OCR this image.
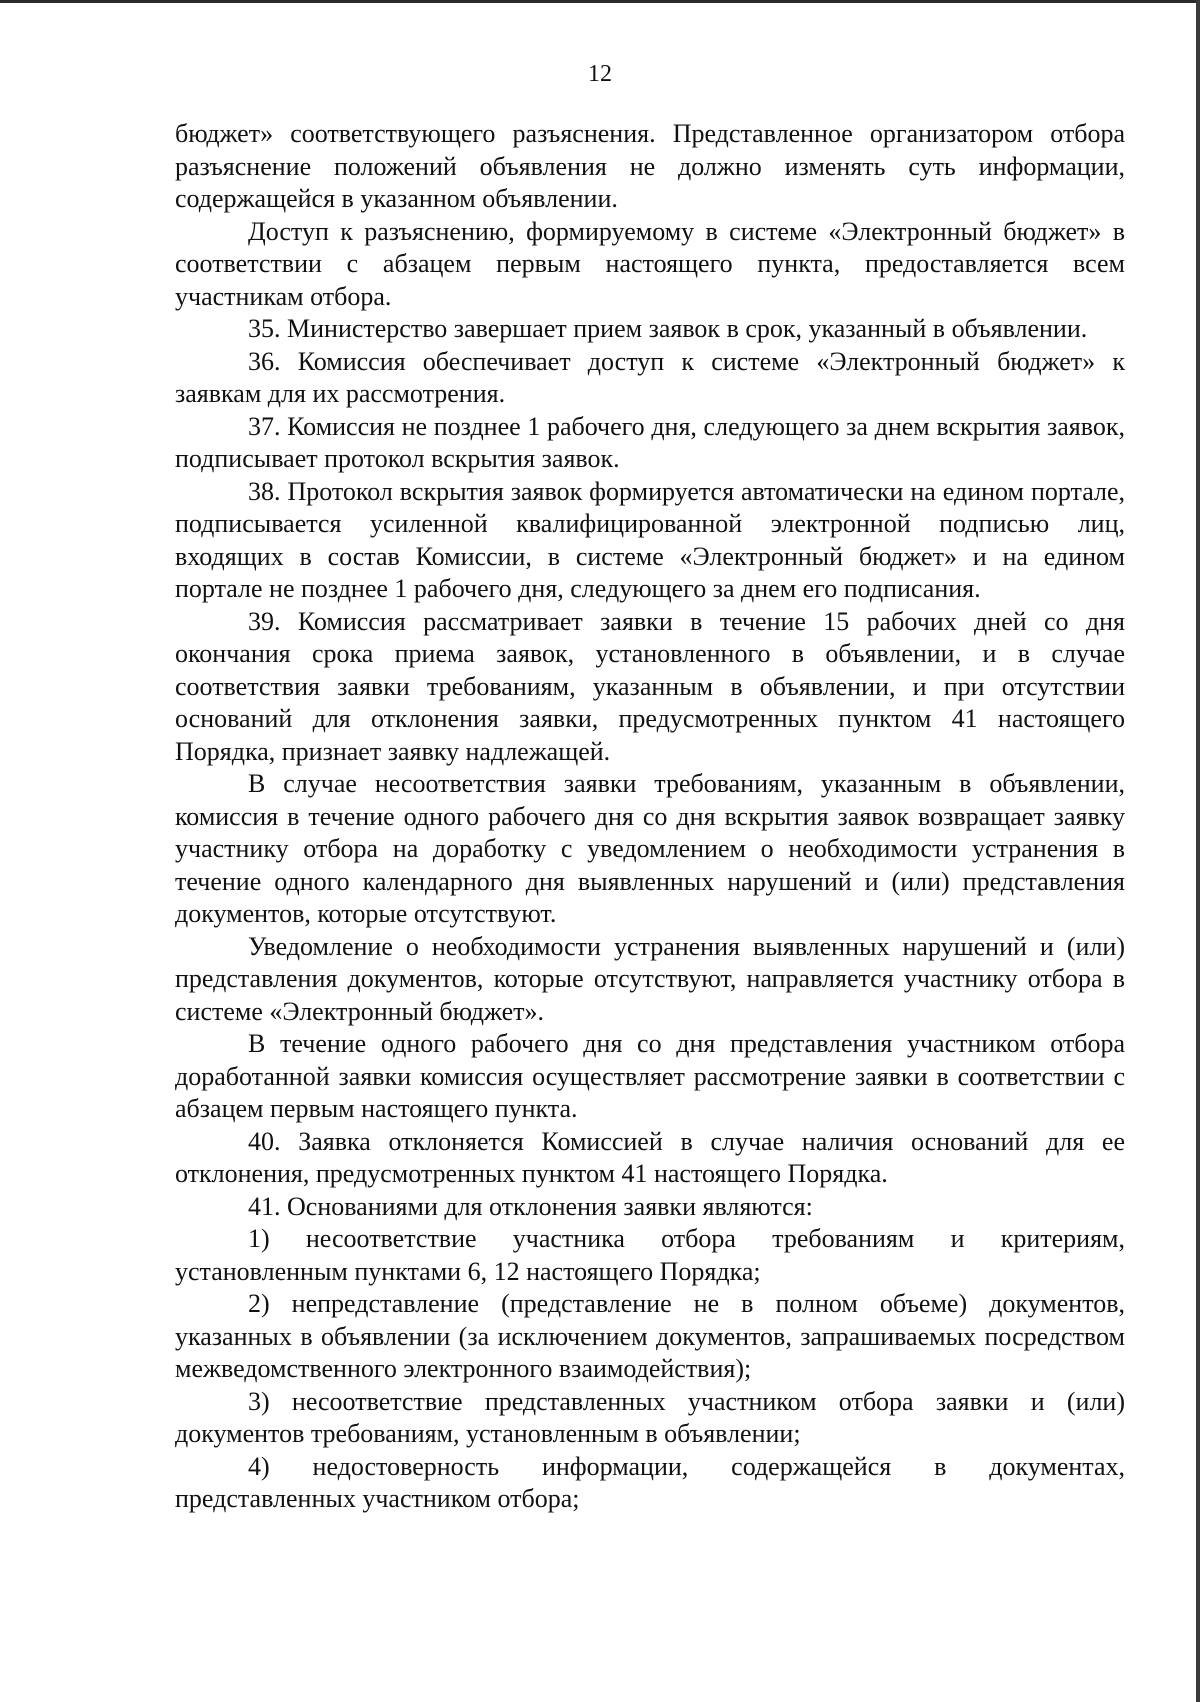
12

бюджет» соответствующего разъяснения. Представленное организатором отбора разъяснение положений объявления не должно изменять суть информации, содержащейся в указанном объявлении.

Доступ к разъяснению, формируемому в системе «Электронный бюджет» в соответствии с абзацем первым настоящего пункта, предоставляется всем участникам отбора.

35. Министерство завершает прием заявок в срок, указанный в объявлении.

36. Комиссия обеспечивает доступ к системе «Электронный бюджет» к заявкам для их рассмотрения.

37. Комиссия не позднее 1 рабочего дня, следующего за днем вскрытия заявок, подписывает протокол вскрытия заявок.

38. Протокол вскрытия заявок формируется автоматически на едином портале, подписывается усиленной квалифицированной электронной подписью лиц, входящих в состав Комиссии, в системе «Электронный бюджет» и на едином портале не позднее 1 рабочего дня, следующего за днем его подписания.

39. Комиссия рассматривает заявки в течение 15 рабочих дней со дня окончания срока приема заявок, установленного в объявлении, и в случае соответствия заявки требованиям, указанным в объявлении, и при отсутствии оснований для отклонения заявки, предусмотренных пунктом 41 настоящего Порядка, признает заявку надлежащей.

В случае несоответствия заявки требованиям, указанным в объявлении, комиссия в течение одного рабочего дня со дня вскрытия заявок возвращает заявку участнику отбора на доработку с уведомлением о необходимости устранения в течение одного календарного дня выявленных нарушений и (или) представления документов, которые отсутствуют.

Уведомление о необходимости устранения выявленных нарушений и (или) представления документов, которые отсутствуют, направляется участнику отбора в системе «Электронный бюджет».

В течение одного рабочего дня со дня представления участником отбора доработанной заявки комиссия осуществляет рассмотрение заявки в соответствии с абзацем первым настоящего пункта.

40. Заявка отклоняется Комиссией в случае наличия оснований для ее отклонения, предусмотренных пунктом 41 настоящего Порядка.

41. Основаниями для отклонения заявки являются:

1) несоответствие участника отбора требованиям и критериям, установленным пунктами 6, 12 настоящего Порядка;

2) непредставление (представление не в полном объеме) документов, указанных в объявлении (за исключением документов, запрашиваемых посредством межведомственного электронного взаимодействия);

3) несоответствие представленных участником отбора заявки и (или) документов требованиям, установленным в объявлении;

4) недостоверность информации, содержащейся в документах, представленных участником отбора;
